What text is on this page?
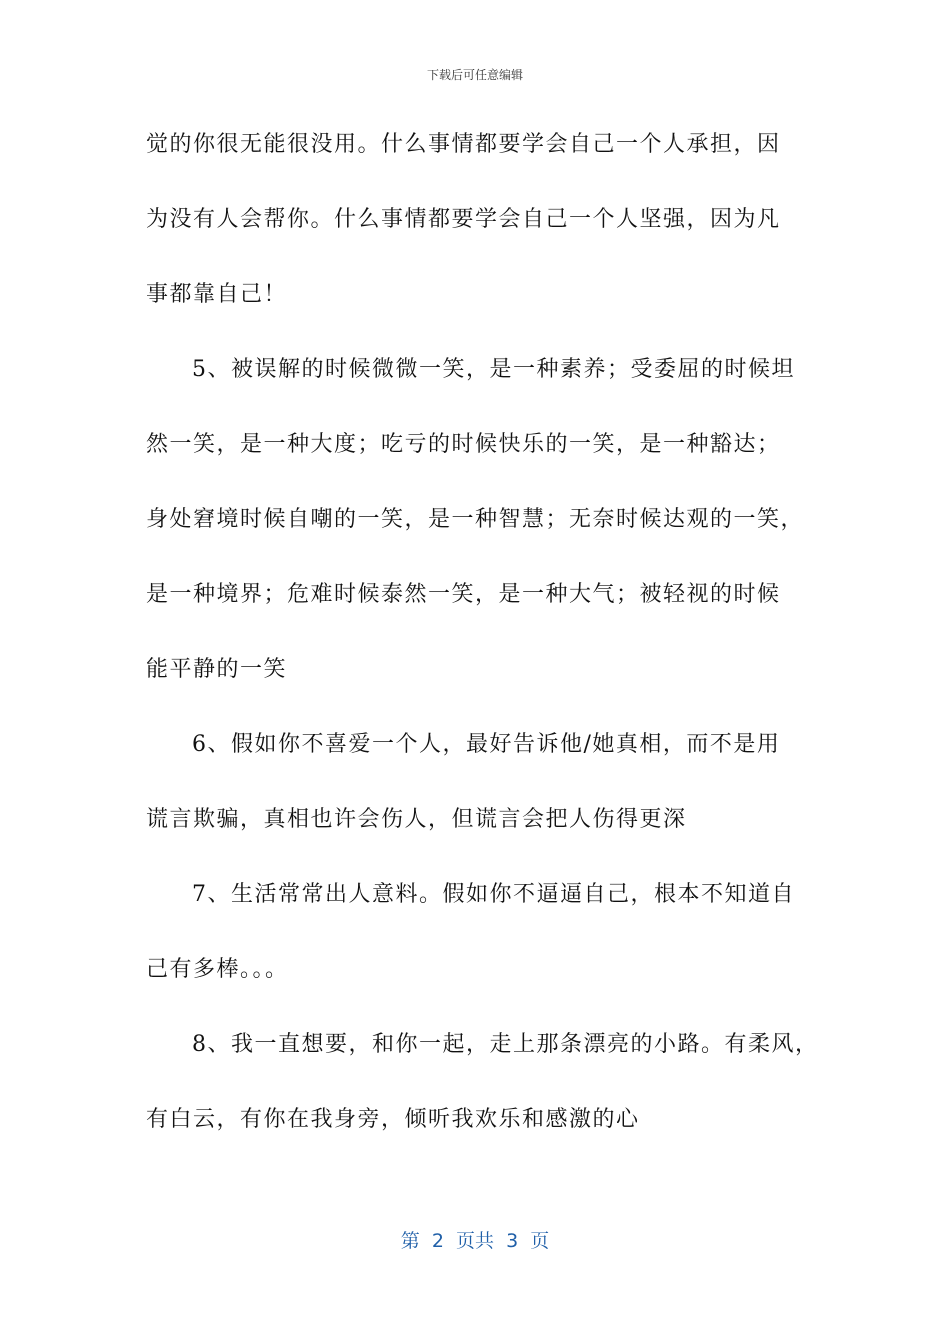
下载后可任意编辑
觉的你很无能很没用。什么事情都要学会自己一个人承担，因
为没有人会帮你。什么事情都要学会自己一个人坚强，因为凡
事都靠自己！
5、被误解的时候微微一笑，是一种素养；受委屈的时候坦
然一笑，是一种大度；吃亏的时候快乐的一笑，是一种豁达；
身处窘境时候自嘲的一笑，是一种智慧；无奈时候达观的一笑，
是一种境界；危难时候泰然一笑，是一种大气；被轻视的时候
能平静的一笑
6、假如你不喜爱一个人，最好告诉他/她真相，而不是用
谎言欺骗，真相也许会伤人，但谎言会把人伤得更深
7、生活常常出人意料。假如你不逼逼自己，根本不知道自
己有多棒。。。
8、我一直想要，和你一起，走上那条漂亮的小路。有柔风，
有白云，有你在我身旁，倾听我欢乐和感激的心
第  2  页共  3  页
